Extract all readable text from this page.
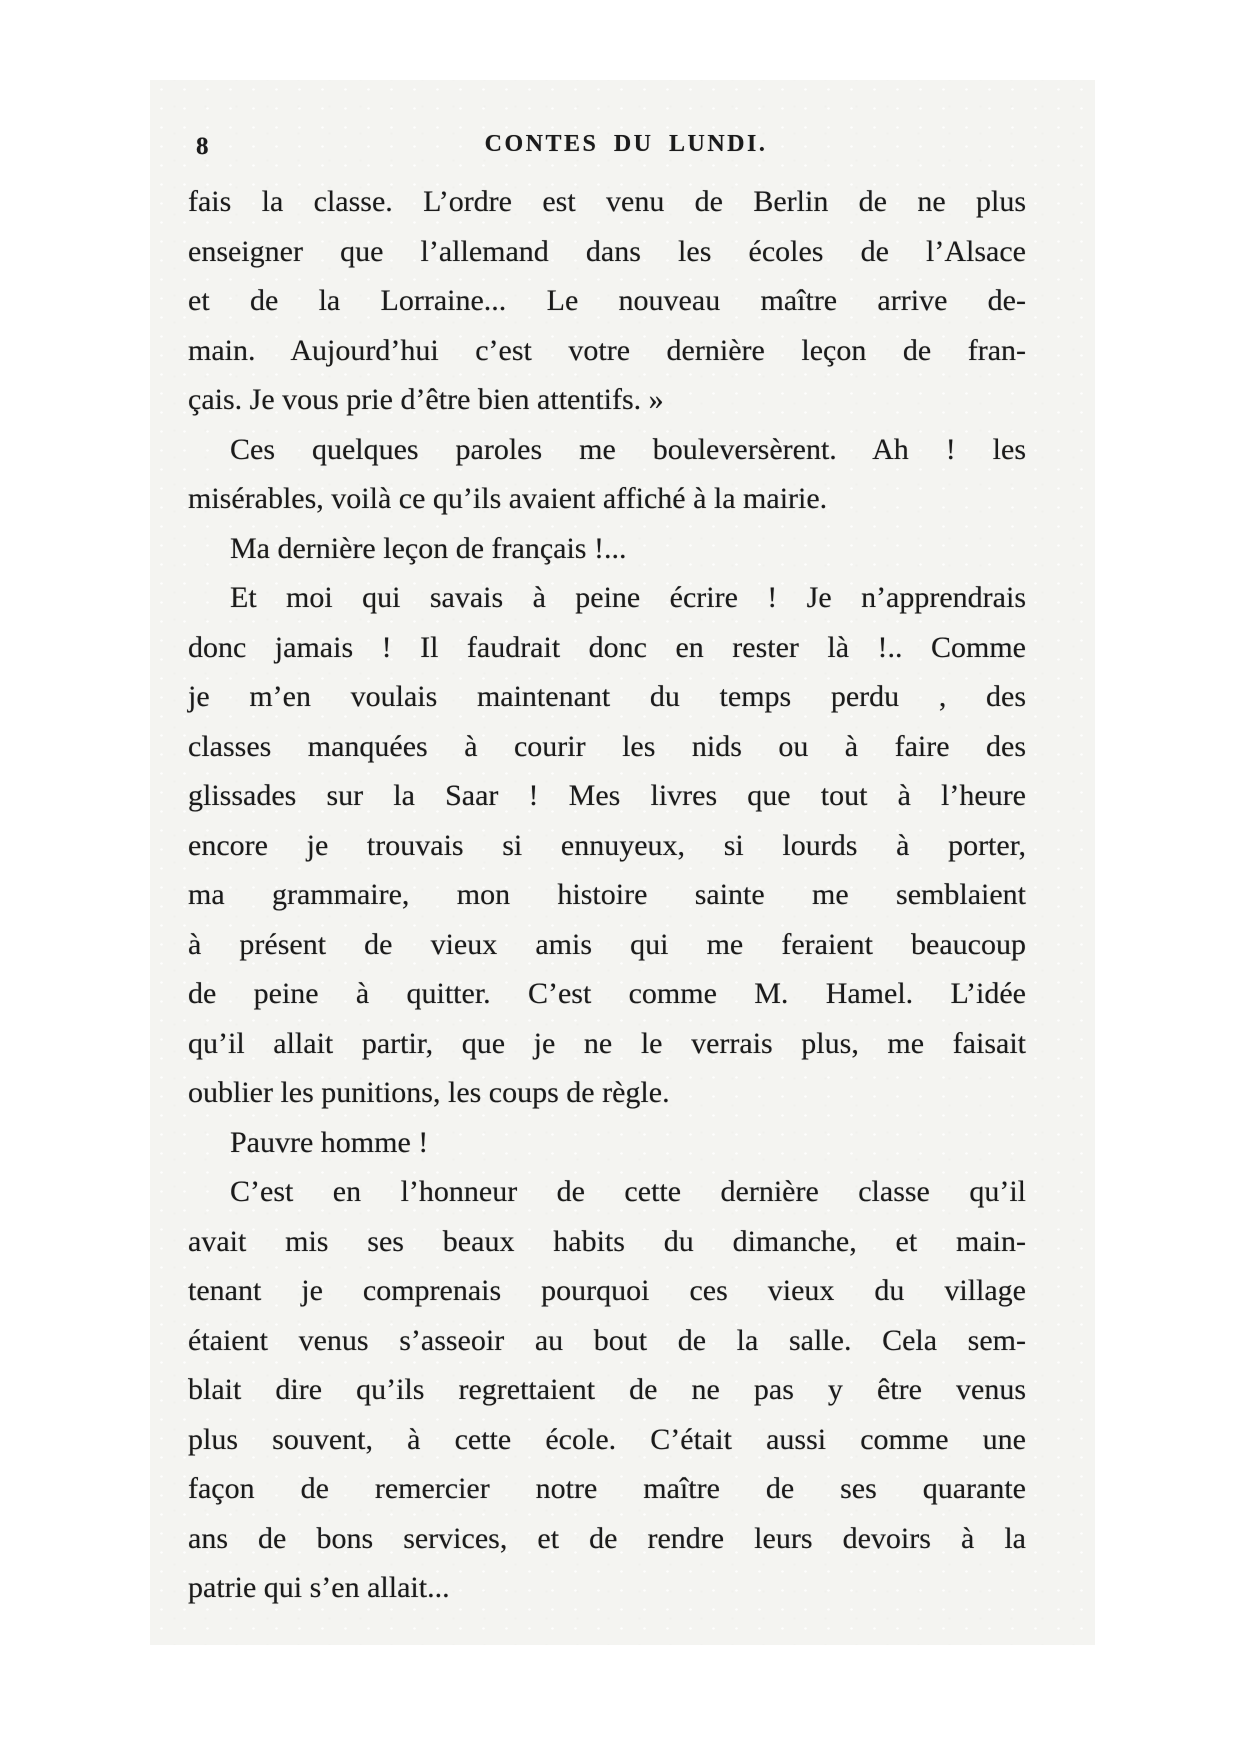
8	CONTES DU LUNDI.
fais la classe. L’ordre est venu de Berlin de ne plus
enseigner que l’allemand dans les écoles de l’Alsace
et de la Lorraine... Le nouveau maître arrive de-
main. Aujourd’hui c’est votre dernière leçon de fran-
çais. Je vous prie d’être bien attentifs. »
Ces quelques paroles me bouleversèrent. Ah ! les
misérables, voilà ce qu’ils avaient affiché à la mairie.
Ma dernière leçon de français !...
Et moi qui savais à peine écrire ! Je n’apprendrais
donc jamais ! Il faudrait donc en rester là !.. Comme
je m’en voulais maintenant du temps perdu , des
classes manquées à courir les nids ou à faire des
glissades sur la Saar ! Mes livres que tout à l’heure
encore je trouvais si ennuyeux, si lourds à porter,
ma grammaire, mon histoire sainte me semblaient
à présent de vieux amis qui me feraient beaucoup
de peine à quitter. C’est comme M. Hamel. L’idée
qu’il allait partir, que je ne le verrais plus, me faisait
oublier les punitions, les coups de règle.
Pauvre homme !
C’est en l’honneur de cette dernière classe qu’il
avait mis ses beaux habits du dimanche, et main-
tenant je comprenais pourquoi ces vieux du village
étaient venus s’asseoir au bout de la salle. Cela sem-
blait dire qu’ils regrettaient de ne pas y être venus
plus souvent, à cette école. C’était aussi comme une
façon de remercier notre maître de ses quarante
ans de bons services, et de rendre leurs devoirs à la
patrie qui s’en allait...
